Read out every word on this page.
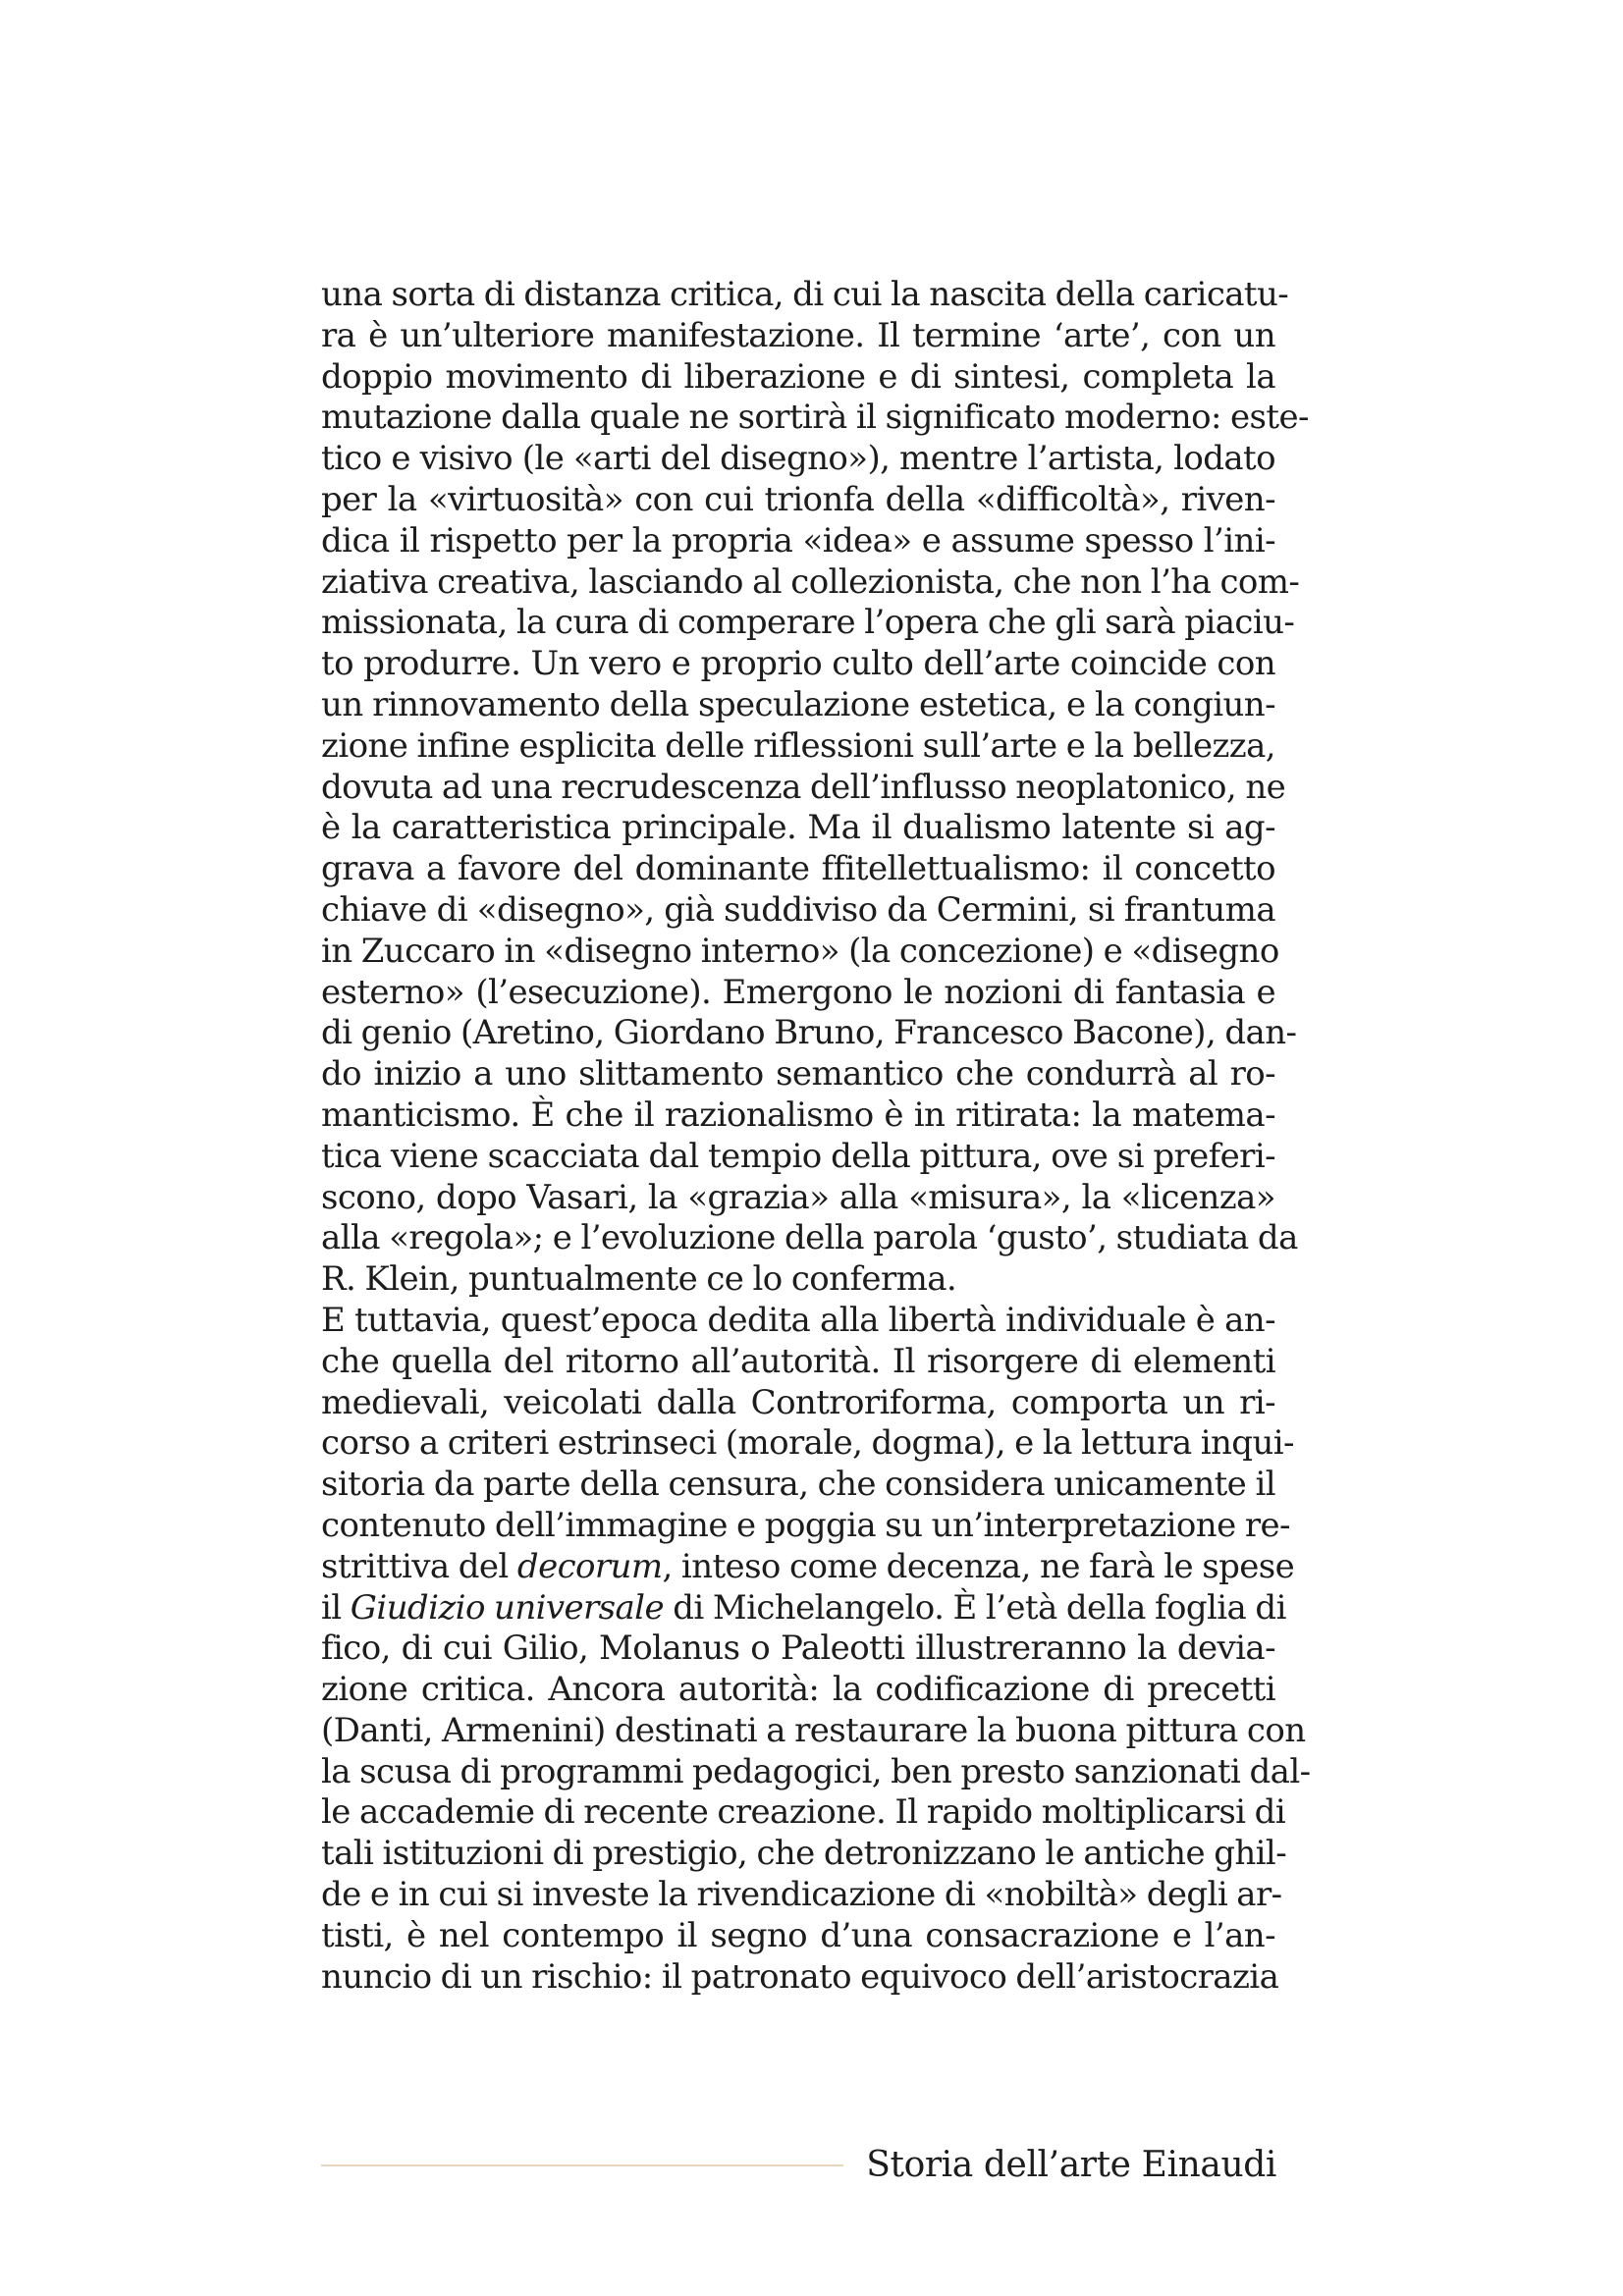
una sorta di distanza critica, di cui la nascita della caricatu-
ra è un’ulteriore manifestazione. Il termine ‘arte’, con un
doppio movimento di liberazione e di sintesi, completa la
mutazione dalla quale ne sortirà il significato moderno: este-
tico e visivo (le «arti del disegno»), mentre l’artista, lodato
per la «virtuosità» con cui trionfa della «difficoltà», riven-
dica il rispetto per la propria «idea» e assume spesso l’ini-
ziativa creativa, lasciando al collezionista, che non l’ha com-
missionata, la cura di comperare l’opera che gli sarà piaciu-
to produrre. Un vero e proprio culto dell’arte coincide con
un rinnovamento della speculazione estetica, e la congiun-
zione infine esplicita delle riflessioni sull’arte e la bellezza,
dovuta ad una recrudescenza dell’influsso neoplatonico, ne
è la caratteristica principale. Ma il dualismo latente si ag-
grava a favore del dominante ffitellettualismo: il concetto
chiave di «disegno», già suddiviso da Cermini, si frantuma
in Zuccaro in «disegno interno» (la concezione) e «disegno
esterno» (l’esecuzione). Emergono le nozioni di fantasia e
di genio (Aretino, Giordano Bruno, Francesco Bacone), dan-
do inizio a uno slittamento semantico che condurrà al ro-
manticismo. È che il razionalismo è in ritirata: la matema-
tica viene scacciata dal tempio della pittura, ove si preferi-
scono, dopo Vasari, la «grazia» alla «misura», la «licenza»
alla «regola»; e l’evoluzione della parola ‘gusto’, studiata da
R. Klein, puntualmente ce lo conferma.
E tuttavia, quest’epoca dedita alla libertà individuale è an-
che quella del ritorno all’autorità. Il risorgere di elementi
medievali, veicolati dalla Controriforma, comporta un ri-
corso a criteri estrinseci (morale, dogma), e la lettura inqui-
sitoria da parte della censura, che considera unicamente il
contenuto dell’immagine e poggia su un’interpretazione re-
strittiva del decorum, inteso come decenza, ne farà le spese
il Giudizio universale di Michelangelo. È l’età della foglia di
fico, di cui Gilio, Molanus o Paleotti illustreranno la devia-
zione critica. Ancora autorità: la codificazione di precetti
(Danti, Armenini) destinati a restaurare la buona pittura con
la scusa di programmi pedagogici, ben presto sanzionati dal-
le accademie di recente creazione. Il rapido moltiplicarsi di
tali istituzioni di prestigio, che detronizzano le antiche ghil-
de e in cui si investe la rivendicazione di «nobiltà» degli ar-
tisti, è nel contempo il segno d’una consacrazione e l’an-
nuncio di un rischio: il patronato equivoco dell’aristocrazia
Storia dell’arte Einaudi
